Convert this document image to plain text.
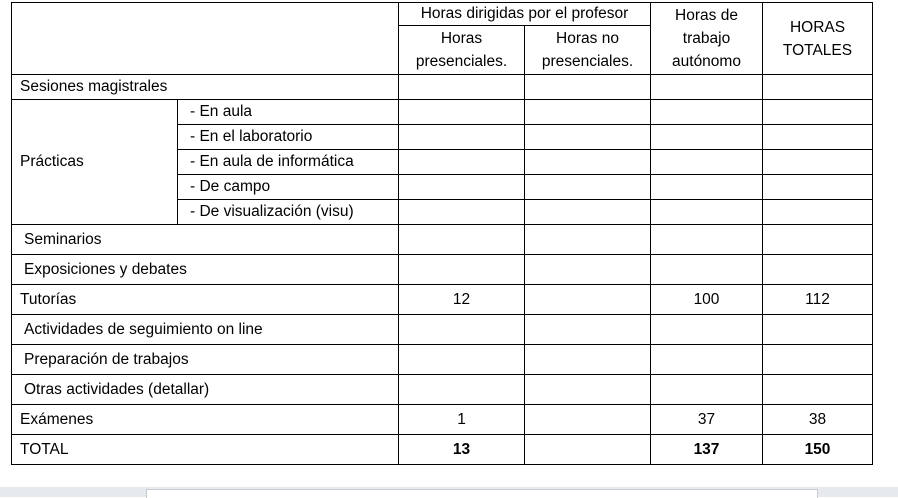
		Horas dirigidas por el profesor		Horas de trabajo autónomo	HORAS TOTALES
		Horas presenciales.	Horas no presenciales.		
Sesiones magistrales					
Prácticas	- En aula				
	- En el laboratorio				
	- En aula de informática				
	- De campo				
	- De visualización (visu)				
Seminarios					
Exposiciones y debates					
Tutorías		12		100	112
Actividades de seguimiento on line					
Preparación de trabajos					
Otras actividades (detallar)					
Exámenes		1		37	38
TOTAL		13		137	150
